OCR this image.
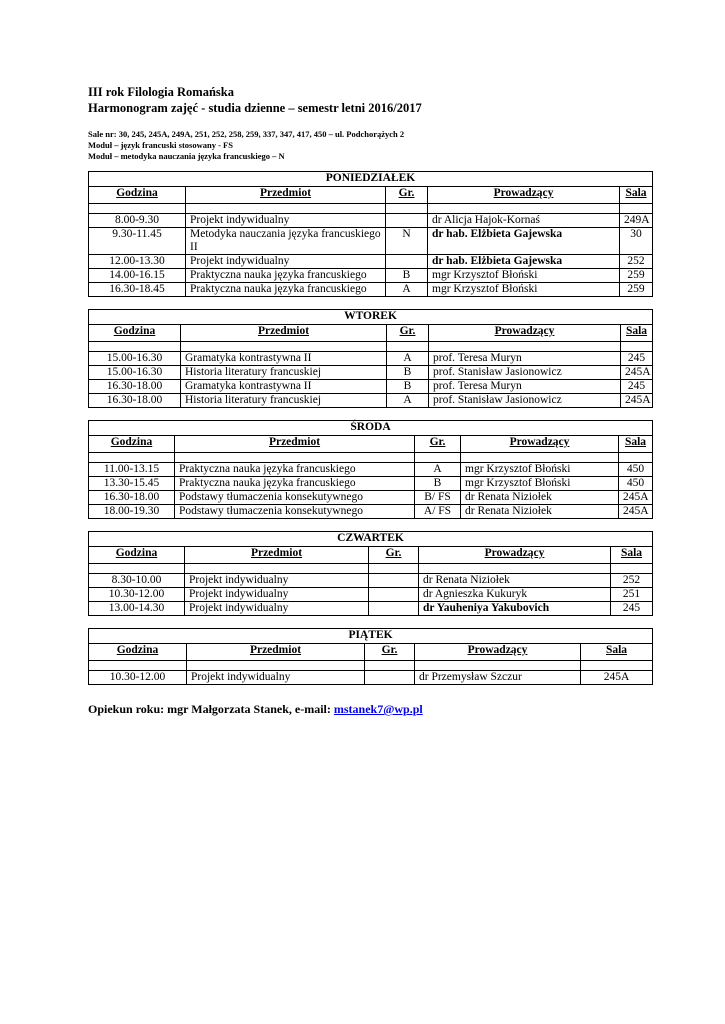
III rok Filologia Romańska
Harmonogram zajęć - studia dzienne – semestr letni 2016/2017
Sale nr: 30, 245, 245A, 249A, 251, 252, 258, 259, 337, 347, 417, 450 – ul. Podchorążych 2
Moduł – język francuski stosowany - FS
Moduł – metodyka nauczania języka francuskiego – N
PONIEDZIAŁEK				
Godzina	Przedmiot	Gr.	Prowadzący	Sala

8.00-9.30	Projekt indywidualny		dr Alicja Hajok-Kornaś	249A
9.30-11.45	Metodyka nauczania języka francuskiego II	N	dr hab. Elżbieta Gajewska	30
12.00-13.30	Projekt indywidualny		dr hab. Elżbieta Gajewska	252
14.00-16.15	Praktyczna nauka języka francuskiego	B	mgr Krzysztof Błoński	259
16.30-18.45	Praktyczna nauka języka francuskiego	A	mgr Krzysztof Błoński	259
WTOREK				
Godzina	Przedmiot	Gr.	Prowadzący	Sala

15.00-16.30	Gramatyka kontrastywna II	A	prof. Teresa Muryn	245
15.00-16.30	Historia literatury francuskiej	B	prof. Stanisław Jasionowicz	245A
16.30-18.00	Gramatyka kontrastywna II	B	prof. Teresa Muryn	245
16.30-18.00	Historia literatury francuskiej	A	prof. Stanisław Jasionowicz	245A
ŚRODA				
Godzina	Przedmiot	Gr.	Prowadzący	Sala

11.00-13.15	Praktyczna nauka języka francuskiego	A	mgr Krzysztof Błoński	450
13.30-15.45	Praktyczna nauka języka francuskiego	B	mgr Krzysztof Błoński	450
16.30-18.00	Podstawy tłumaczenia konsekutywnego	B/ FS	dr Renata Niziołek	245A
18.00-19.30	Podstawy tłumaczenia konsekutywnego	A/ FS	dr Renata Niziołek	245A
CZWARTEK				
Godzina	Przedmiot	Gr.	Prowadzący	Sala

8.30-10.00	Projekt indywidualny		dr Renata Niziołek	252
10.30-12.00	Projekt indywidualny		dr Agnieszka Kukuryk	251
13.00-14.30	Projekt indywidualny		dr Yauheniya Yakubovich	245
PIĄTEK				
Godzina	Przedmiot	Gr.	Prowadzący	Sala

10.30-12.00	Projekt indywidualny		dr Przemysław Szczur	245A
Opiekun roku: mgr Małgorzata Stanek, e-mail: mstanek7@wp.pl
